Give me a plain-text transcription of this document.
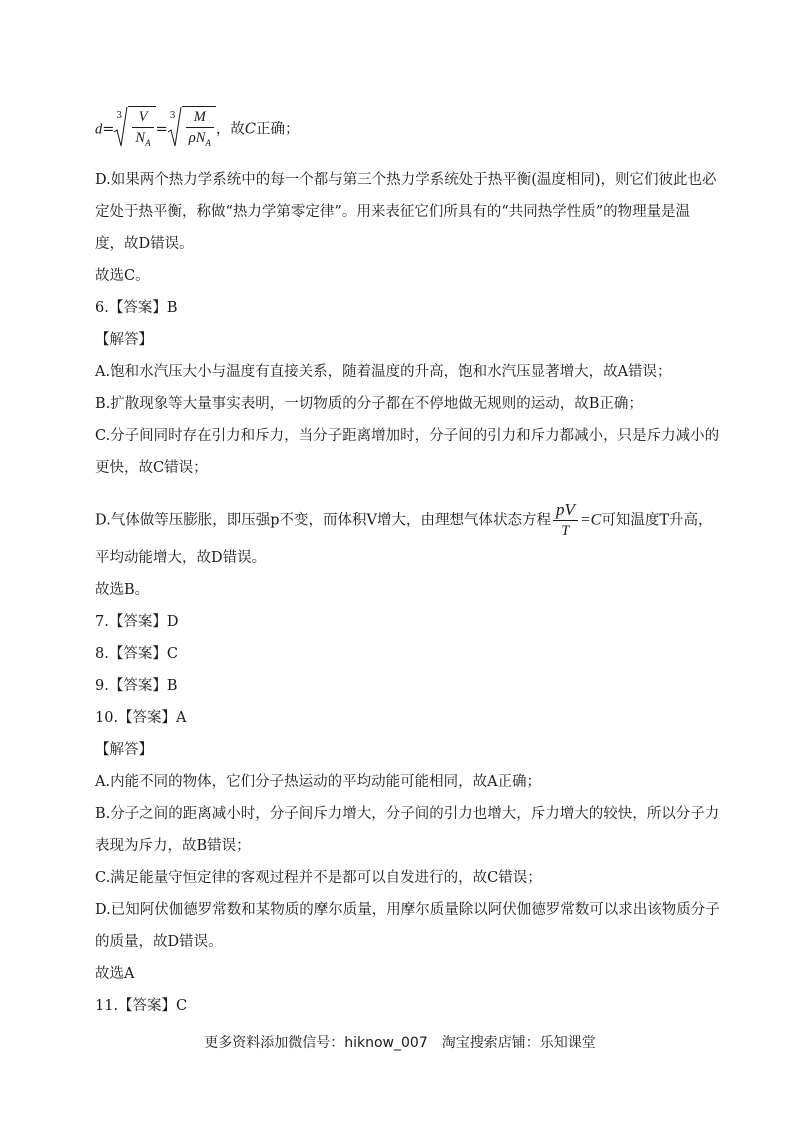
d=
$3 \frac{V}{N_A}$ =
$3 \frac{M}{\rho N_A}$ ，故C正确；
D.如果两个热力学系统中的每一个都与第三个热力学系统处于热平衡(温度相同)，则它们彼此也必
定处于热平衡，称做“热力学第零定律”。用来表征它们所具有的“共同热学性质”的物理量是温
度，故D错误。
故选C。
6.【答案】B
【解答】
A.饱和水汽压大小与温度有直接关系，随着温度的升高，饱和水汽压显著增大，故A错误；
B.扩散现象等大量事实表明，一切物质的分子都在不停地做无规则的运动，故B正确；
C.分子间同时存在引力和斥力，当分子距离增加时，分子间的引力和斥力都减小，只是斥力减小的
更快，故C错误；
D.气体做等压膨胀，即压强p不变，而体积V增大，由理想气体状态方程 $\frac{pV}{T} =C$可知温度T升高，
平均动能增大，故D错误。
故选B。
7.【答案】D
8.【答案】C
9.【答案】B
10.【答案】A
【解答】
A.内能不同的物体，它们分子热运动的平均动能可能相同，故A正确；
B.分子之间的距离减小时，分子间斥力增大，分子间的引力也增大，斥力增大的较快，所以分子力
表现为斥力，故B错误；
C.满足能量守恒定律的客观过程并不是都可以自发进行的，故C错误；
D.已知阿伏伽德罗常数和某物质的摩尔质量，用摩尔质量除以阿伏伽德罗常数可以求出该物质分子
的质量，故D错误。
故选A
11.【答案】C
更多资料添加微信号：hiknow_007　淘宝搜索店铺：乐知课堂
